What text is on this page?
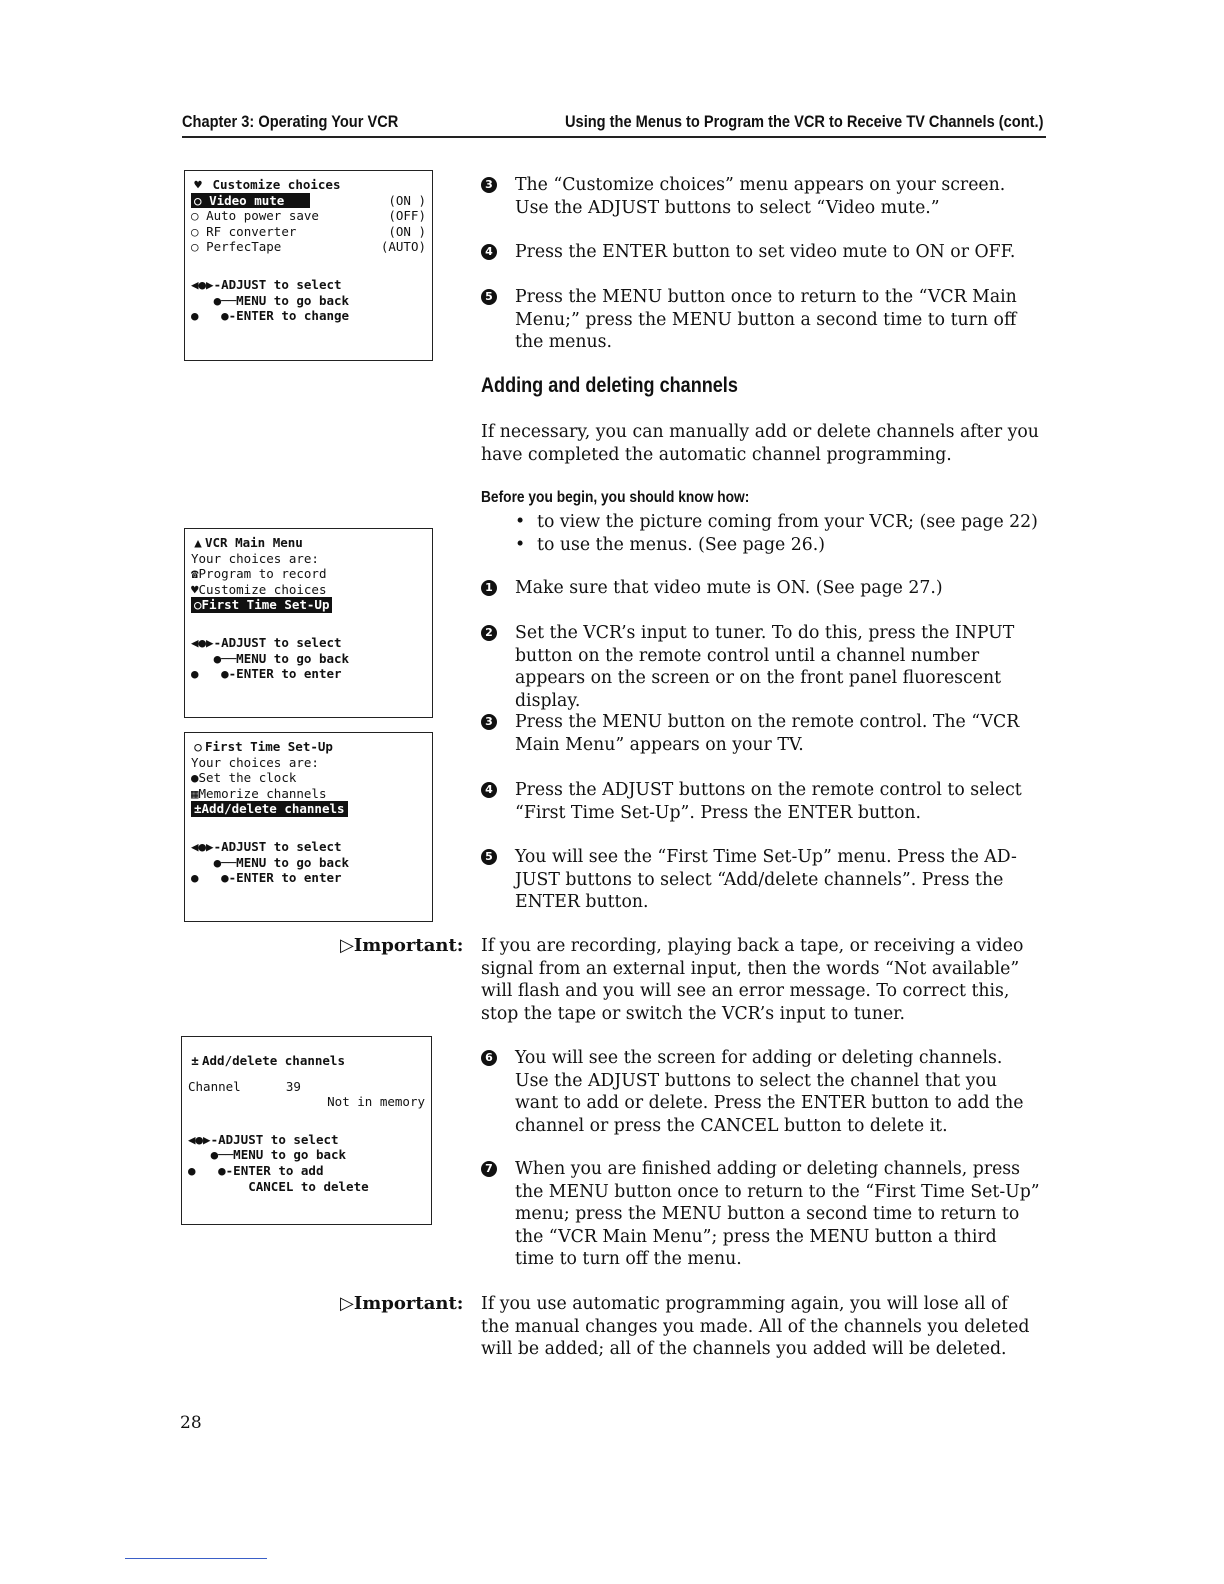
Chapter 3: Operating Your VCR	Using the Menus to Program the VCR to Receive TV Channels (cont.)
♥ Customize choices
○ Video mute	(ON )
○ Auto power save	(OFF)
○ RF converter	(ON )
○ PerfecTape	(AUTO)
◀●▶-ADJUST to select
●──MENU to go back
● ●-ENTER to change
▲ VCR Main Menu
Your choices are:
☎Program to record
♥Customize choices
○First Time Set-Up
◀●▶-ADJUST to select
●──MENU to go back
● ●-ENTER to enter
○ First Time Set-Up
Your choices are:
●Set the clock
▦Memorize channels
±Add/delete channels
◀●▶-ADJUST to select
●──MENU to go back
● ●-ENTER to enter
± Add/delete channels
Channel	39
Not in memory
◀●▶-ADJUST to select
●──MENU to go back
● ●-ENTER to add
CANCEL to delete
3 The “Customize choices” menu appears on your screen. Use the ADJUST buttons to select “Video mute.”
4 Press the ENTER button to set video mute to ON or OFF.
5 Press the MENU button once to return to the “VCR Main Menu;” press the MENU button a second time to turn off the menus.
Adding and deleting channels
If necessary, you can manually add or delete channels after you have completed the automatic channel programming.
Before you begin, you should know how:
• to view the picture coming from your VCR; (see page 22)
• to use the menus. (See page 26.)
1 Make sure that video mute is ON. (See page 27.)
2 Set the VCR’s input to tuner. To do this, press the INPUT button on the remote control until a channel number appears on the screen or on the front panel fluorescent display.
3 Press the MENU button on the remote control. The “VCR Main Menu” appears on your TV.
4 Press the ADJUST buttons on the remote control to select “First Time Set-Up”. Press the ENTER button.
5 You will see the “First Time Set-Up” menu. Press the AD-JUST buttons to select “Add/delete channels”. Press the ENTER button.
▷Important: If you are recording, playing back a tape, or receiving a video signal from an external input, then the words “Not available” will flash and you will see an error message. To correct this, stop the tape or switch the VCR’s input to tuner.
6 You will see the screen for adding or deleting channels. Use the ADJUST buttons to select the channel that you want to add or delete. Press the ENTER button to add the channel or press the CANCEL button to delete it.
7 When you are finished adding or deleting channels, press the MENU button once to return to the “First Time Set-Up” menu; press the MENU button a second time to return to the “VCR Main Menu”; press the MENU button a third time to turn off the menu.
▷Important: If you use automatic programming again, you will lose all of the manual changes you made. All of the channels you deleted will be added; all of the channels you added will be deleted.
28
